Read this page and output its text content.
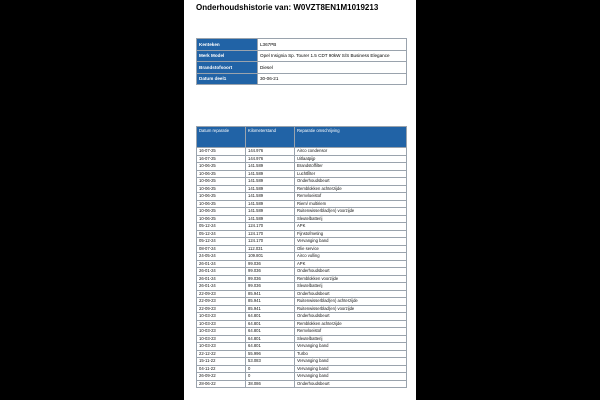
Onderhoudshistorie van: W0VZT8EN1M1019213
Kenteken	L367PB
Merk Model	Opel Insignia Sp. Tourer 1.5 CDT 90kW S/S Business Elegance
Brandstofsoort	Diesel
Datum deel1	30-06-21
Datum reparatie	Kilometerstand	Reparatie omschrijving
16-07-25	144.976	Airco condensor
16-07-25	144.976	Uitlaatpijp
10-06-25	141.589	Brandstoffilter
10-06-25	141.589	Luchtfilter
10-06-25	141.589	Onderhoudsbeurt
10-06-25	141.589	Remblokken achterzijde
10-06-25	141.589	Remvloeistof
10-06-25	141.589	Riem/ multiriem
10-06-25	141.589	Ruitenwisserblad(en) voorzijde
10-06-25	141.589	Sleutelbatterij
05-12-24	124.170	APK
05-12-24	124.170	Fijnstofmeting
05-12-24	124.170	Vervanging band
08-07-24	112.031	Olie service
24-05-24	109.801	Airco vulling
26-01-24	99.036	APK
26-01-24	99.036	Onderhoudsbeurt
26-01-24	99.036	Remblokken voorzijde
26-01-24	99.036	Sleutelbatterij
22-09-23	85.941	Onderhoudsbeurt
22-09-23	85.941	Ruitenwisserblad(en) achterzijde
22-09-23	85.941	Ruitenwisserblad(en) voorzijde
10-03-23	64.801	Onderhoudsbeurt
10-03-23	64.801	Remblokken achterzijde
10-03-23	64.801	Remvloeistof
10-03-23	64.801	Sleutelbatterij
10-03-23	64.801	Vervanging band
22-12-22	55.996	Turbo
15-11-22	53.083	Vervanging band
04-11-22	0	Vervanging band
26-09-22	0	Vervanging band
28-06-22	38.086	Onderhoudsbeurt
